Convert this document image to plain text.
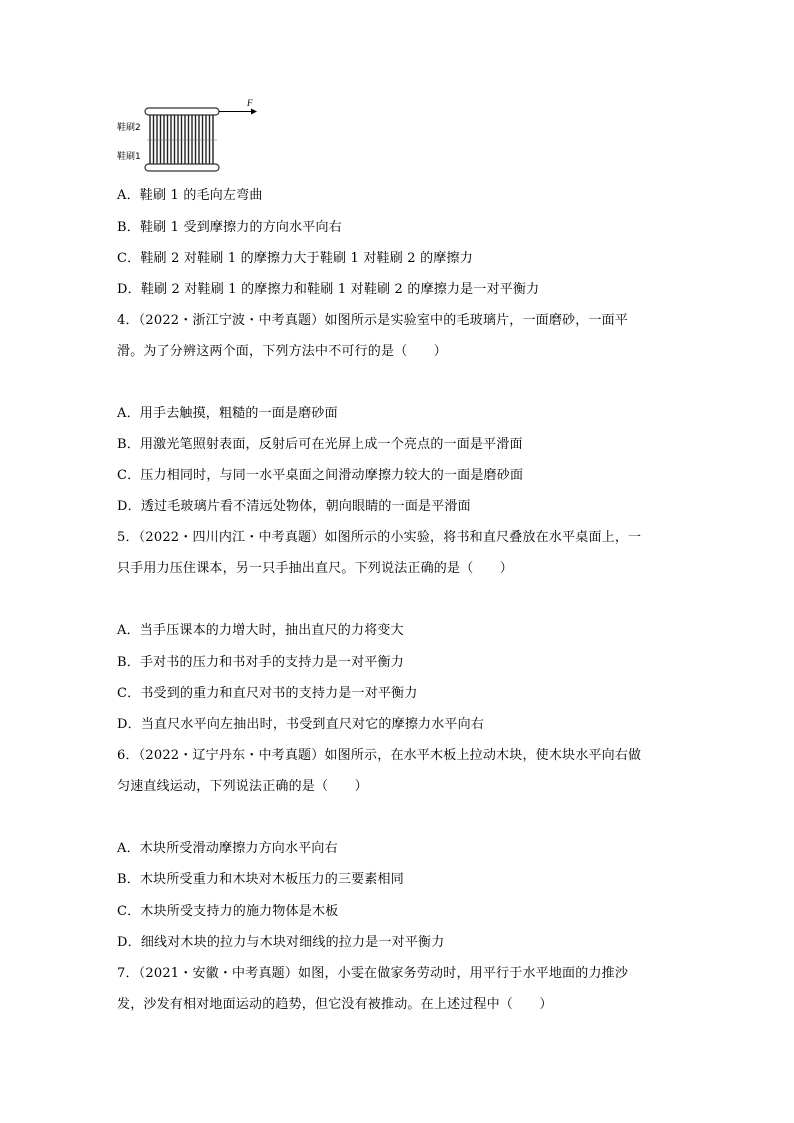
F
鞋刷2
鞋刷1
A．鞋刷 1 的毛向左弯曲
B．鞋刷 1 受到摩擦力的方向水平向右
C．鞋刷 2 对鞋刷 1 的摩擦力大于鞋刷 1 对鞋刷 2 的摩擦力
D．鞋刷 2 对鞋刷 1 的摩擦力和鞋刷 1 对鞋刷 2 的摩擦力是一对平衡力
4．（2022・浙江宁波・中考真题）如图所示是实验室中的毛玻璃片，一面磨砂，一面平
滑。为了分辨这两个面，下列方法中不可行的是（　　）
A．用手去触摸，粗糙的一面是磨砂面
B．用激光笔照射表面，反射后可在光屏上成一个亮点的一面是平滑面
C．压力相同时，与同一水平桌面之间滑动摩擦力较大的一面是磨砂面
D．透过毛玻璃片看不清远处物体，朝向眼睛的一面是平滑面
5．（2022・四川内江・中考真题）如图所示的小实验，将书和直尺叠放在水平桌面上，一
只手用力压住课本，另一只手抽出直尺。下列说法正确的是（　　）
A．当手压课本的力增大时，抽出直尺的力将变大
B．手对书的压力和书对手的支持力是一对平衡力
C．书受到的重力和直尺对书的支持力是一对平衡力
D．当直尺水平向左抽出时，书受到直尺对它的摩擦力水平向右
6．（2022・辽宁丹东・中考真题）如图所示，在水平木板上拉动木块，使木块水平向右做
匀速直线运动，下列说法正确的是（　　）
A．木块所受滑动摩擦力方向水平向右
B．木块所受重力和木块对木板压力的三要素相同
C．木块所受支持力的施力物体是木板
D．细线对木块的拉力与木块对细线的拉力是一对平衡力
7．（2021・安徽・中考真题）如图，小雯在做家务劳动时，用平行于水平地面的力推沙
发，沙发有相对地面运动的趋势，但它没有被推动。在上述过程中（　　）
